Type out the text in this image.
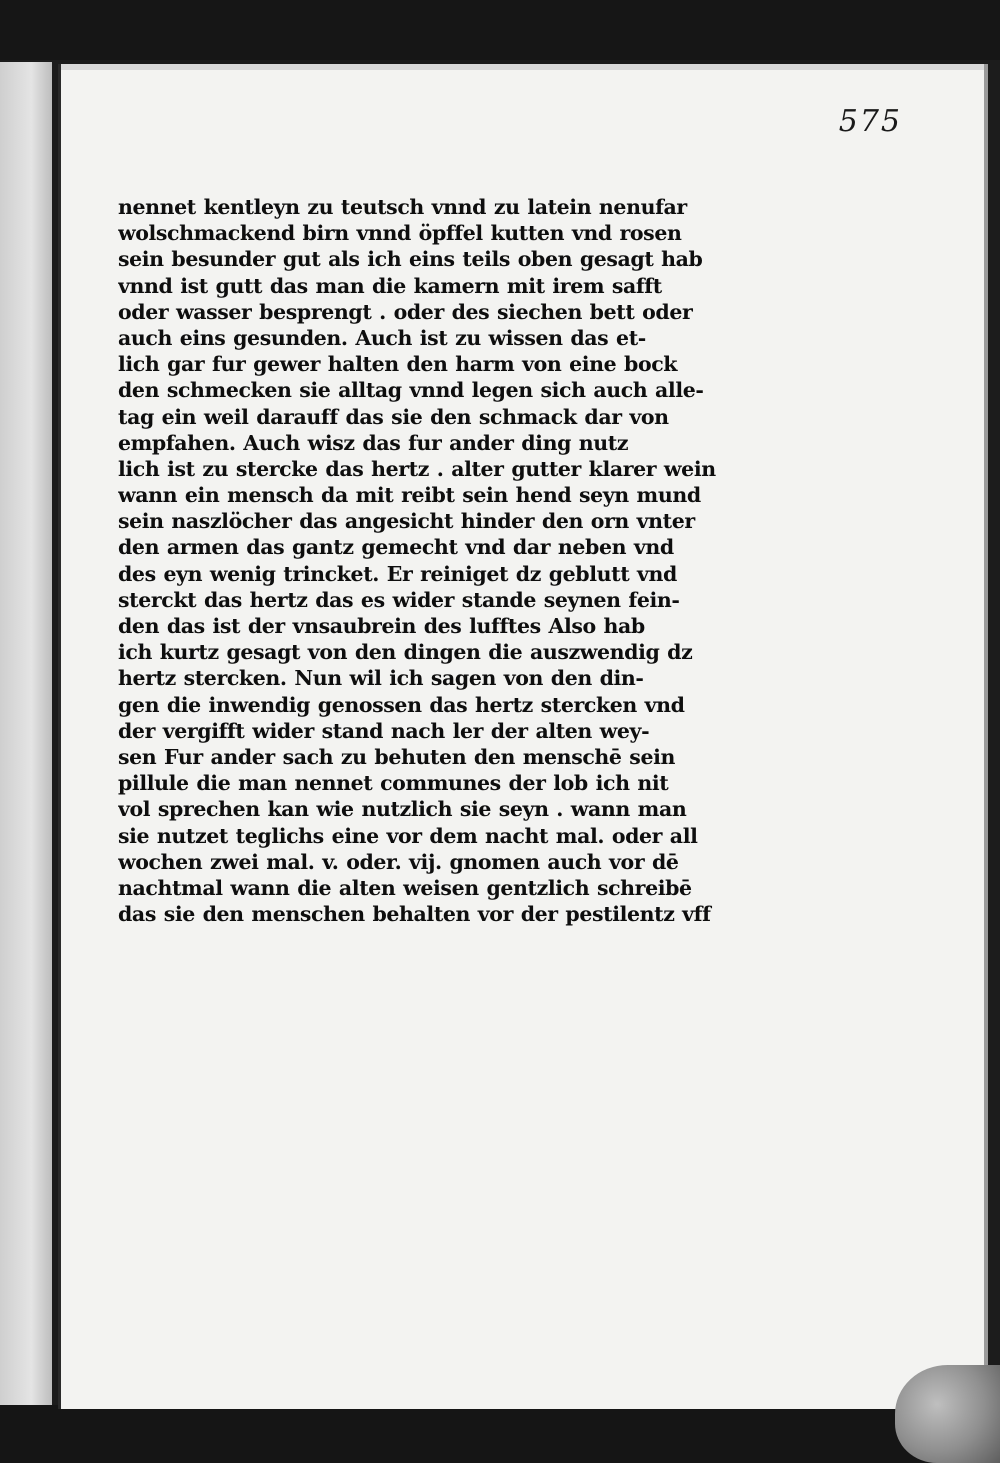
575
nennet kentleyn zu teutsch vnnd zu latein nenufar
wolschmackend birn vnnd öpffel kutten vnd rosen
sein besunder gut als ich eins teils oben gesagt hab
vnnd ist gutt das man die kamern mit irem safft
oder wasser besprengt . oder des siechen bett oder
auch eins gesunden. Auch ist zu wissen das et-
lich gar fur gewer halten den harm von eine bock
den schmecken sie alltag vnnd legen sich auch alle-
tag ein weil darauff das sie den schmack dar von
empfahen. Auch wisz das fur ander ding nutz
lich ist zu stercke das hertz . alter gutter klarer wein
wann ein mensch da mit reibt sein hend seyn mund
sein naszlöcher das angesicht hinder den orn vnter
den armen das gantz gemecht vnd dar neben vnd
des eyn wenig trincket. Er reiniget dz geblutt vnd
sterckt das hertz das es wider stande seynen fein-
den das ist der vnsaubrein des lufftes Also hab
ich kurtz gesagt von den dingen die auszwendig dz
hertz stercken. Nun wil ich sagen von den din-
gen die inwendig genossen das hertz stercken vnd
der vergifft wider stand nach ler der alten wey-
sen Fur ander sach zu behuten den menschē sein
pillule die man nennet communes der lob ich nit
vol sprechen kan wie nutzlich sie seyn . wann man
sie nutzet teglichs eine vor dem nacht mal. oder all
wochen zwei mal. v. oder. vij. gnomen auch vor dē
nachtmal wann die alten weisen gentzlich schreibē
das sie den menschen behalten vor der pestilentz vff
